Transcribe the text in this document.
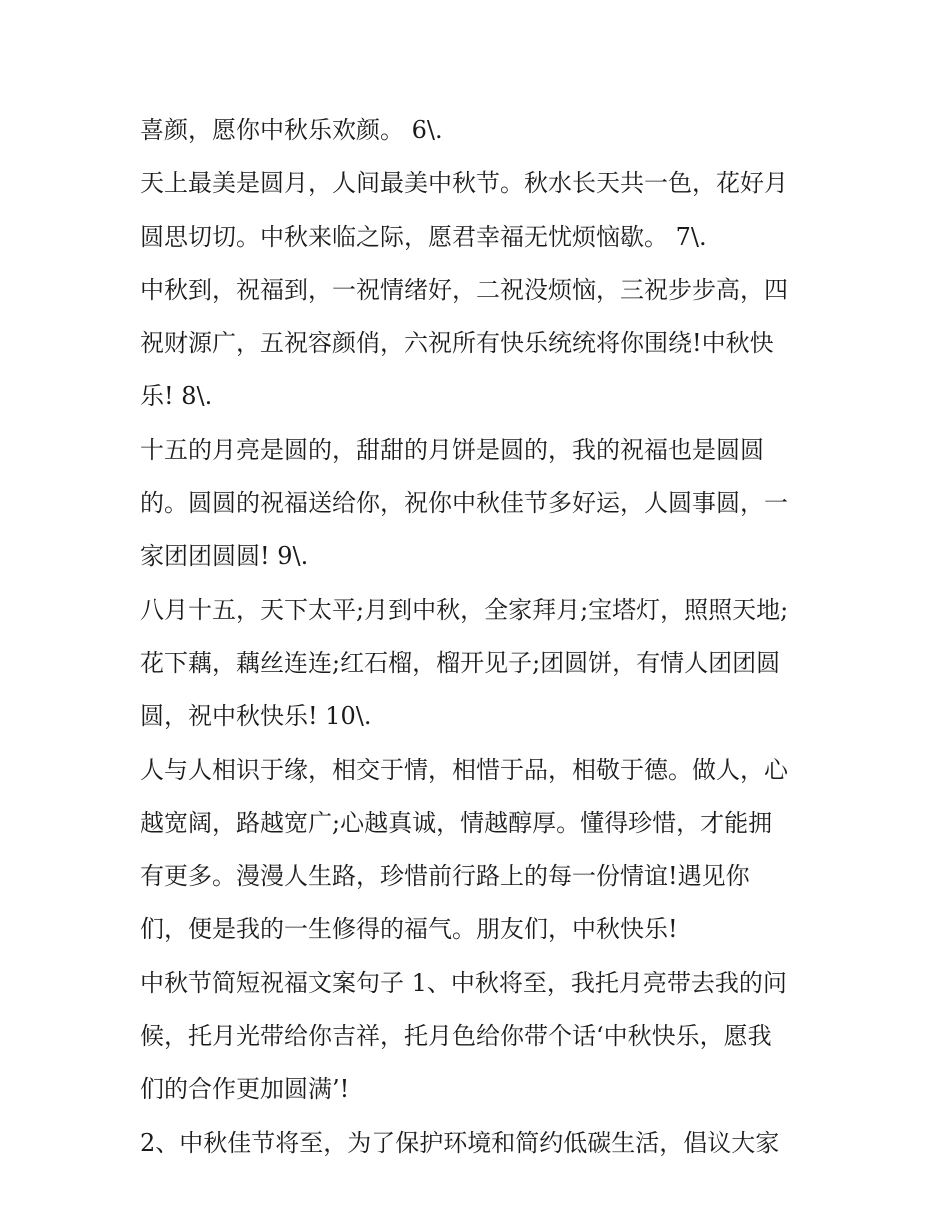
喜颜，愿你中秋乐欢颜。 6\.
天上最美是圆月，人间最美中秋节。秋水长天共一色，花好月
圆思切切。中秋来临之际，愿君幸福无忧烦恼歇。 7\.
中秋到，祝福到，一祝情绪好，二祝没烦恼，三祝步步高，四
祝财源广，五祝容颜俏，六祝所有快乐统统将你围绕!中秋快
乐! 8\.
十五的月亮是圆的，甜甜的月饼是圆的，我的祝福也是圆圆
的。圆圆的祝福送给你，祝你中秋佳节多好运，人圆事圆，一
家团团圆圆! 9\.
八月十五，天下太平;月到中秋，全家拜月;宝塔灯，照照天地;
花下藕，藕丝连连;红石榴，榴开见子;团圆饼，有情人团团圆
圆，祝中秋快乐! 10\.
人与人相识于缘，相交于情，相惜于品，相敬于德。做人，心
越宽阔，路越宽广;心越真诚，情越醇厚。懂得珍惜，才能拥
有更多。漫漫人生路，珍惜前行路上的每一份情谊!遇见你
们，便是我的一生修得的福气。朋友们，中秋快乐!
中秋节简短祝福文案句子 1、中秋将至，我托月亮带去我的问
候，托月光带给你吉祥，托月色给你带个话‘中秋快乐，愿我
们的合作更加圆满’!
2、中秋佳节将至，为了保护环境和简约低碳生活，倡议大家
